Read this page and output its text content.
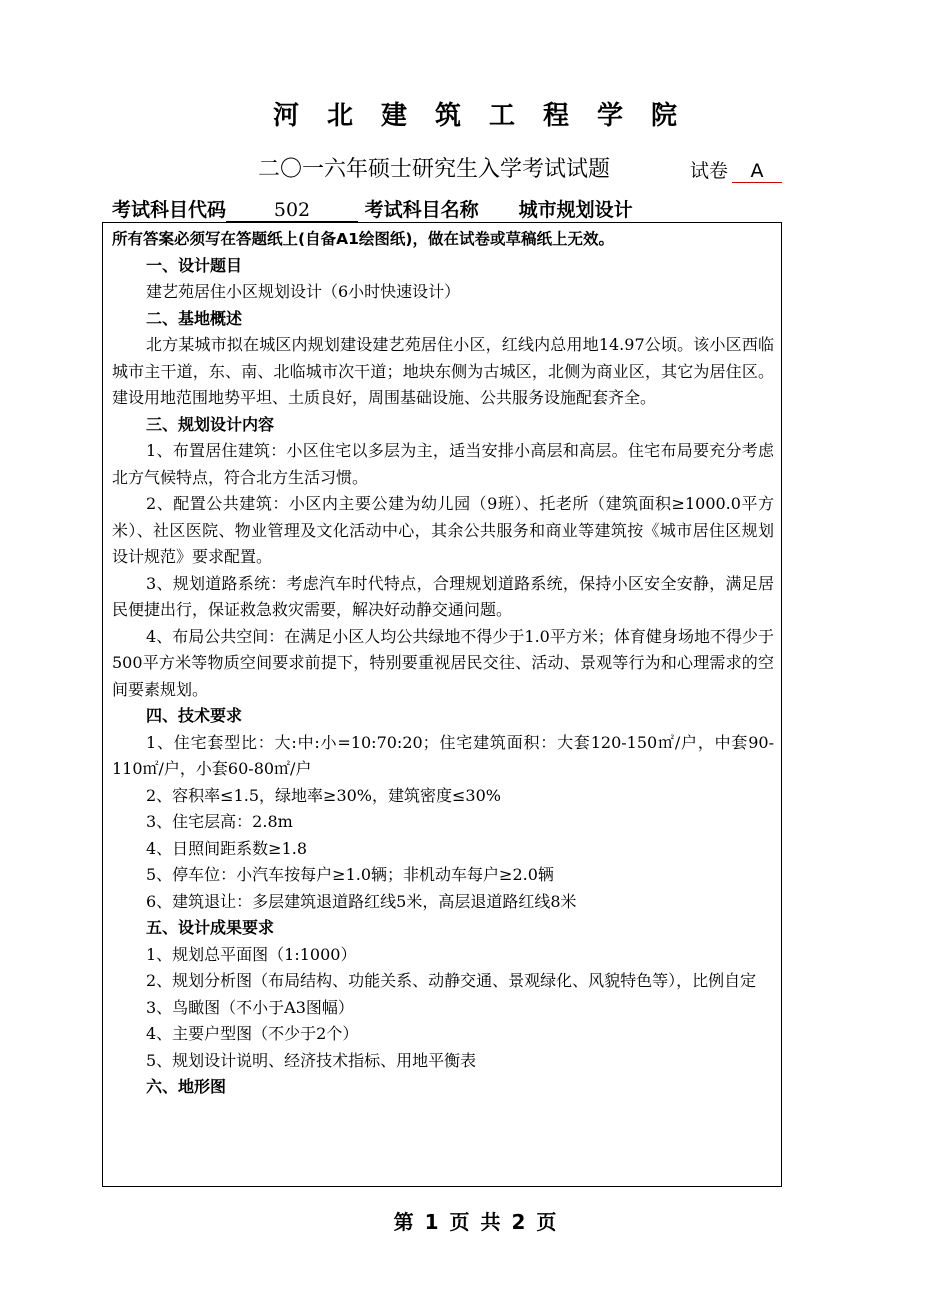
河北建筑工程学院
二〇一六年硕士研究生入学考试试题	试卷 A
考试科目代码	502	考试科目名称 城市规划设计

所有答案必须写在答题纸上(自备A1绘图纸)，做在试卷或草稿纸上无效。

一、设计题目

建艺苑居住小区规划设计（6小时快速设计）

二、基地概述

北方某城市拟在城区内规划建设建艺苑居住小区，红线内总用地14.97公顷。该小区西临城市主干道，东、南、北临城市次干道；地块东侧为古城区，北侧为商业区，其它为居住区。建设用地范围地势平坦、土质良好，周围基础设施、公共服务设施配套齐全。

三、规划设计内容

1、布置居住建筑：小区住宅以多层为主，适当安排小高层和高层。住宅布局要充分考虑北方气候特点，符合北方生活习惯。

2、配置公共建筑：小区内主要公建为幼儿园（9班）、托老所（建筑面积≥1000.0平方米）、社区医院、物业管理及文化活动中心，其余公共服务和商业等建筑按《城市居住区规划设计规范》要求配置。

3、规划道路系统：考虑汽车时代特点，合理规划道路系统，保持小区安全安静，满足居民便捷出行，保证救急救灾需要，解决好动静交通问题。

4、布局公共空间：在满足小区人均公共绿地不得少于1.0平方米；体育健身场地不得少于500平方米等物质空间要求前提下，特别要重视居民交往、活动、景观等行为和心理需求的空间要素规划。

四、技术要求

1、住宅套型比：大:中:小=10:70:20；住宅建筑面积：大套120-150㎡/户，中套90-110㎡/户，小套60-80㎡/户

2、容积率≤1.5，绿地率≥30%，建筑密度≤30%

3、住宅层高：2.8m

4、日照间距系数≥1.8

5、停车位：小汽车按每户≥1.0辆；非机动车每户≥2.0辆

6、建筑退让：多层建筑退道路红线5米，高层退道路红线8米

五、设计成果要求

1、规划总平面图（1:1000）

2、规划分析图（布局结构、功能关系、动静交通、景观绿化、风貌特色等），比例自定

3、鸟瞰图（不小于A3图幅）

4、主要户型图（不少于2个）

5、规划设计说明、经济技术指标、用地平衡表

六、地形图

第 1 页 共 2 页
